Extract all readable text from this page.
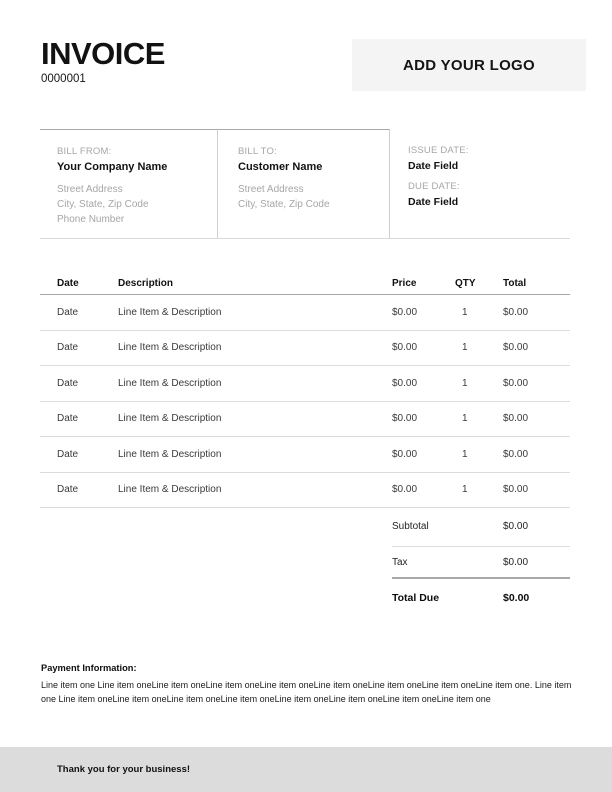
INVOICE
0000001
ADD YOUR LOGO
BILL FROM:
Your Company Name
Street Address
City, State, Zip Code
Phone Number
BILL TO:
Customer Name
Street Address
City, State, Zip Code
ISSUE DATE:
Date Field
DUE DATE:
Date Field
Date	Description	Price	QTY	Total
Date	Line Item & Description	$0.00	1	$0.00
Date	Line Item & Description	$0.00	1	$0.00
Date	Line Item & Description	$0.00	1	$0.00
Date	Line Item & Description	$0.00	1	$0.00
Date	Line Item & Description	$0.00	1	$0.00
Date	Line Item & Description	$0.00	1	$0.00
Subtotal	$0.00
Tax	$0.00
Total Due	$0.00
Payment Information:
Line item one Line item oneLine item oneLine item oneLine item oneLine item oneLine item oneLine item oneLine item one. Line item one Line item oneLine item oneLine item oneLine item oneLine item oneLine item oneLine item oneLine item one
Thank you for your business!
